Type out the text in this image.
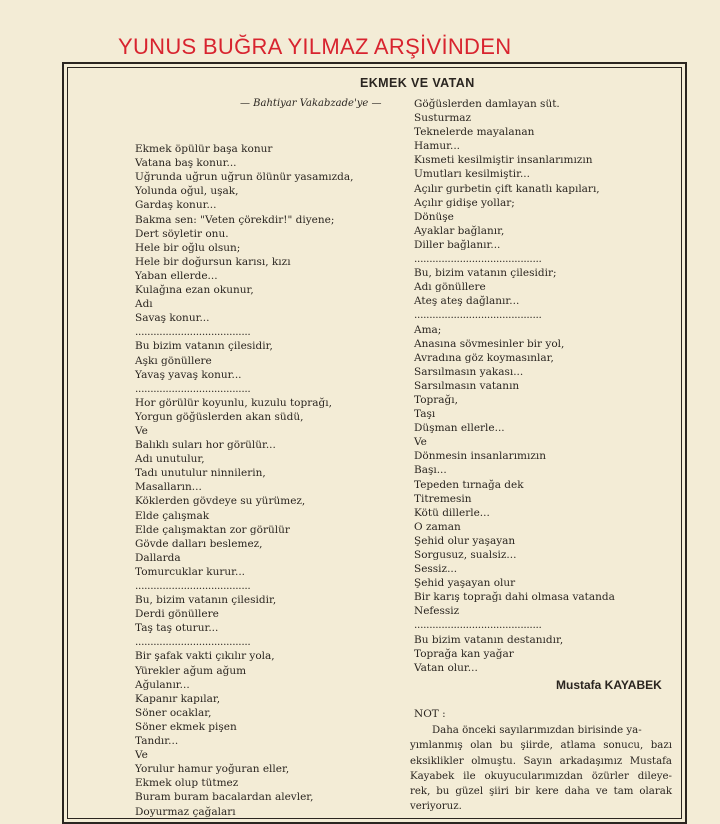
YUNUS BUĞRA YILMAZ ARŞİVİNDEN
EKMEK VE VATAN
— Bahtiyar Vakabzade'ye —
Ekmek öpülür başa konur
Vatana baş konur...
Uğrunda uğrun uğrun ölünür yasamızda,
Yolunda oğul, uşak,
Gardaş konur...
Bakma sen: "Veten çörekdir!" diyene;
Dert söyletir onu.
Hele bir oğlu olsun;
Hele bir doğursun karısı, kızı
Yaban ellerde...
Kulağına ezan okunur,
Adı
Savaş konur...
......................................
Bu bizim vatanın çilesidir,
Aşkı gönüllere
Yavaş yavaş konur...
......................................
Hor görülür koyunlu, kuzulu toprağı,
Yorgun göğüslerden akan südü,
Ve
Balıklı suları hor görülür...
Adı unutulur,
Tadı unutulur ninnilerin,
Masalların...
Köklerden gövdeye su yürümez,
Elde çalışmak
Elde çalışmaktan zor görülür
Gövde dalları beslemez,
Dallarda
Tomurcuklar kurur...
......................................
Bu, bizim vatanın çilesidir,
Derdi gönüllere
Taş taş oturur...
......................................
Bir şafak vakti çıkılır yola,
Yürekler ağum ağum
Ağulanır...
Kapanır kapılar,
Söner ocaklar,
Söner ekmek pişen
Tandır...
Ve
Yorulur hamur yoğuran eller,
Ekmek olup tütmez
Buram buram bacalardan alevler,
Doyurmaz çağaları
Göğüslerden damlayan süt.
Susturmaz
Teknelerde mayalanan
Hamur...
Kısmeti kesilmiştir insanlarımızın
Umutları kesilmiştir...
Açılır gurbetin çift kanatlı kapıları,
Açılır gidişe yollar;
Dönüşe
Ayaklar bağlanır,
Diller bağlanır...
..........................................
Bu, bizim vatanın çilesidir;
Adı gönüllere
Ateş ateş dağlanır...
..........................................
Ama;
Anasına sövmesinler bir yol,
Avradına göz koymasınlar,
Sarsılmasın yakası...
Sarsılmasın vatanın
Toprağı,
Taşı
Düşman ellerle...
Ve
Dönmesin insanlarımızın
Başı...
Tepeden tırnağa dek
Titremesin
Kötü dillerle...
O zaman
Şehid olur yaşayan
Sorgusuz, sualsiz...
Sessiz...
Şehid yaşayan olur
Bir karış toprağı dahi olmasa vatanda
Nefessiz
..........................................
Bu bizim vatanın destanıdır,
Toprağa kan yağar
Vatan olur...
Mustafa KAYABEK
NOT :
Daha önceki sayılarımızdan birisinde ya-
yımlanmış olan bu şiirde, atlama sonucu, bazı
eksiklikler olmuştu. Sayın arkadaşımız Mustafa
Kayabek ile okuyucularımızdan özürler dileye-
rek, bu güzel şiiri bir kere daha ve tam olarak
veriyoruz.
